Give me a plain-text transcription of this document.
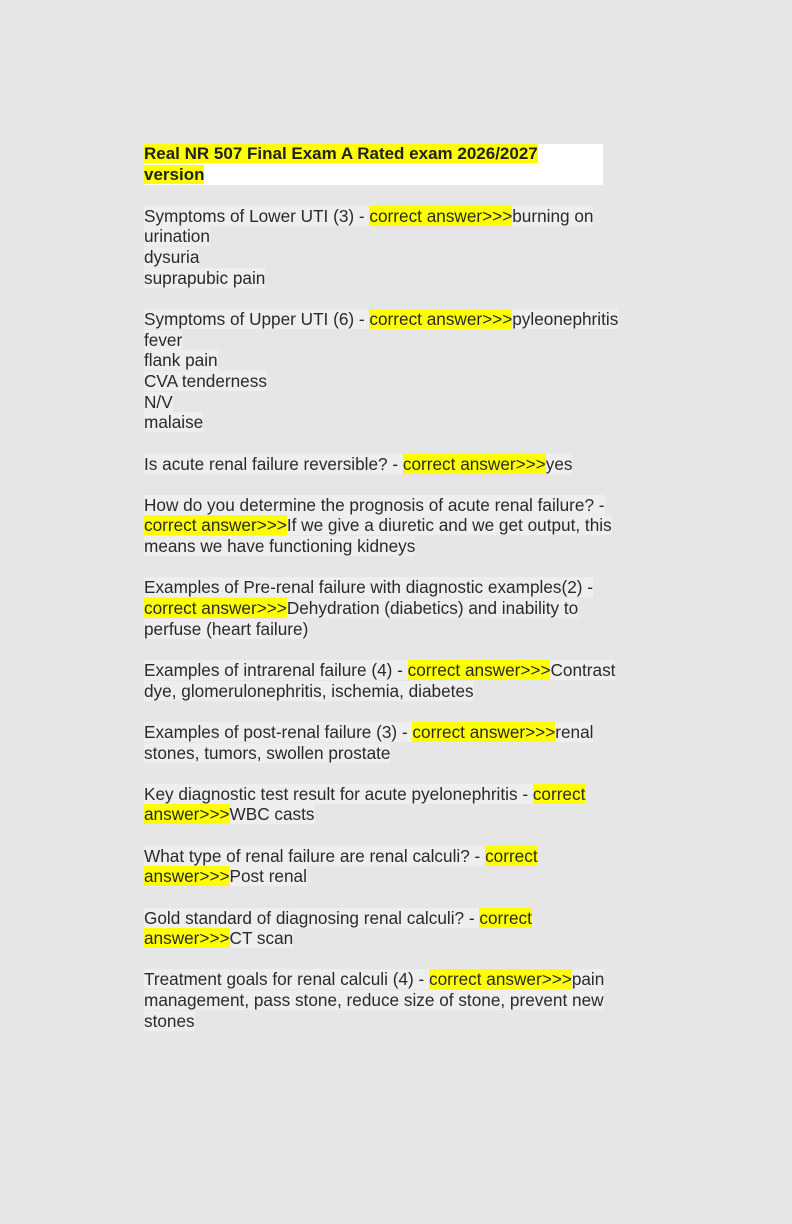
Real NR 507 Final Exam A Rated exam 2026/2027
version
Symptoms of Lower UTI (3) - correct answer>>>burning on
urination
dysuria
suprapubic pain
Symptoms of Upper UTI (6) - correct answer>>>pyleonephritis
fever
flank pain
CVA tenderness
N/V
malaise
Is acute renal failure reversible? - correct answer>>>yes
How do you determine the prognosis of acute renal failure? -
correct answer>>>If we give a diuretic and we get output, this
means we have functioning kidneys
Examples of Pre-renal failure with diagnostic examples(2) -
correct answer>>>Dehydration (diabetics) and inability to
perfuse (heart failure)
Examples of intrarenal failure (4) - correct answer>>>Contrast
dye, glomerulonephritis, ischemia, diabetes
Examples of post-renal failure (3) - correct answer>>>renal
stones, tumors, swollen prostate
Key diagnostic test result for acute pyelonephritis - correct
answer>>>WBC casts
What type of renal failure are renal calculi? - correct
answer>>>Post renal
Gold standard of diagnosing renal calculi? - correct
answer>>>CT scan
Treatment goals for renal calculi (4) - correct answer>>>pain
management, pass stone, reduce size of stone, prevent new
stones
